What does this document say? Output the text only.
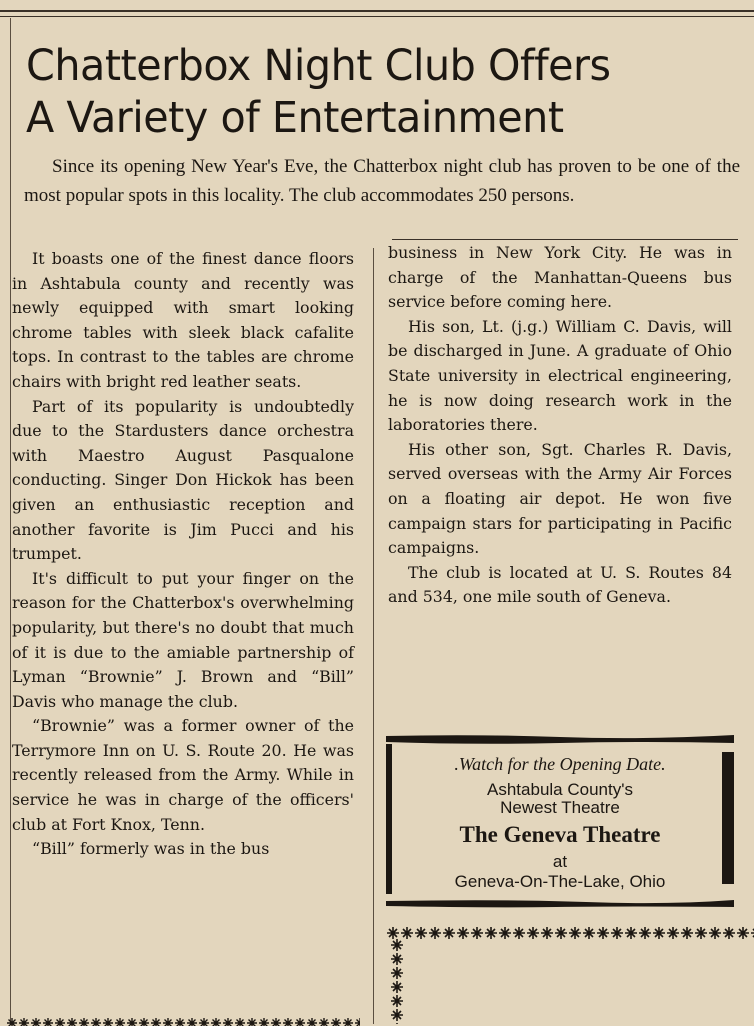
Chatterbox Night Club Offers
A Variety of Entertainment

Since its opening New Year's Eve, the Chatterbox night club has proven to be one of the most popular spots in this locality. The club accommodates 250 persons.

It boasts one of the finest dance floors in Ashtabula county and recently was newly equipped with smart looking chrome tables with sleek black cafalite tops. In contrast to the tables are chrome chairs with bright red leather seats.

Part of its popularity is undoubtedly due to the Stardusters dance orchestra with Maestro August Pasqualone conducting. Singer Don Hickok has been given an enthusiastic reception and another favorite is Jim Pucci and his trumpet.

It's difficult to put your finger on the reason for the Chatterbox's overwhelming popularity, but there's no doubt that much of it is due to the amiable partnership of Lyman “Brownie” J. Brown and “Bill” Davis who manage the club.

“Brownie” was a former owner of the Terrymore Inn on U. S. Route 20. He was recently released from the Army. While in service he was in charge of the officers' club at Fort Knox, Tenn.

“Bill” formerly was in the bus

business in New York City. He was in charge of the Manhattan-Queens bus service before coming here.

His son, Lt. (j.g.) William C. Davis, will be discharged in June. A graduate of Ohio State university in electrical engineering, he is now doing research work in the laboratories there.

His other son, Sgt. Charles R. Davis, served overseas with the Army Air Forces on a floating air depot. He won five campaign stars for participating in Pacific campaigns.

The club is located at U. S. Routes 84 and 534, one mile south of Geneva.

.Watch for the Opening Date.
Ashtabula County's
Newest Theatre
The Geneva Theatre
at
Geneva-On-The-Lake, Ohio
